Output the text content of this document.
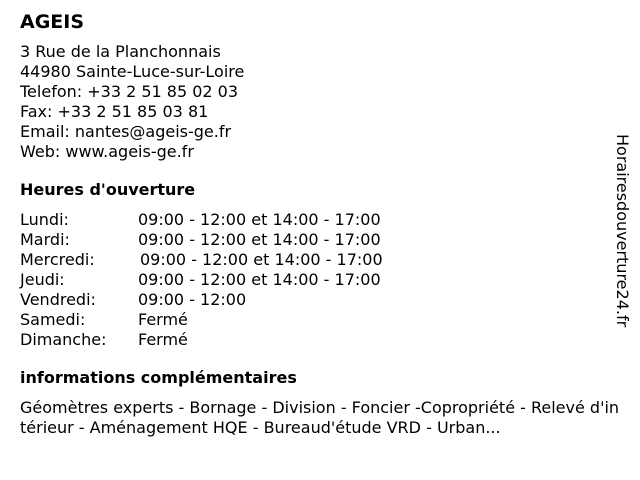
AGEIS
3 Rue de la Planchonnais
44980 Sainte-Luce-sur-Loire
Telefon: +33 2 51 85 02 03
Fax: +33 2 51 85 03 81
Email: nantes@ageis-ge.fr
Web: www.ageis-ge.fr
Heures d'ouverture
Lundi:	09:00 - 12:00 et 14:00 - 17:00
Mardi:	09:00 - 12:00 et 14:00 - 17:00
Mercredi:	09:00 - 12:00 et 14:00 - 17:00
Jeudi:	09:00 - 12:00 et 14:00 - 17:00
Vendredi:	09:00 - 12:00
Samedi:	Fermé
Dimanche: Fermé
informations complémentaires
Géomètres experts - Bornage - Division - Foncier -Copropriété - Relevé d'intérieur - Aménagement HQE - Bureaud'étude VRD - Urban...
Horairesdouverture24.fr
